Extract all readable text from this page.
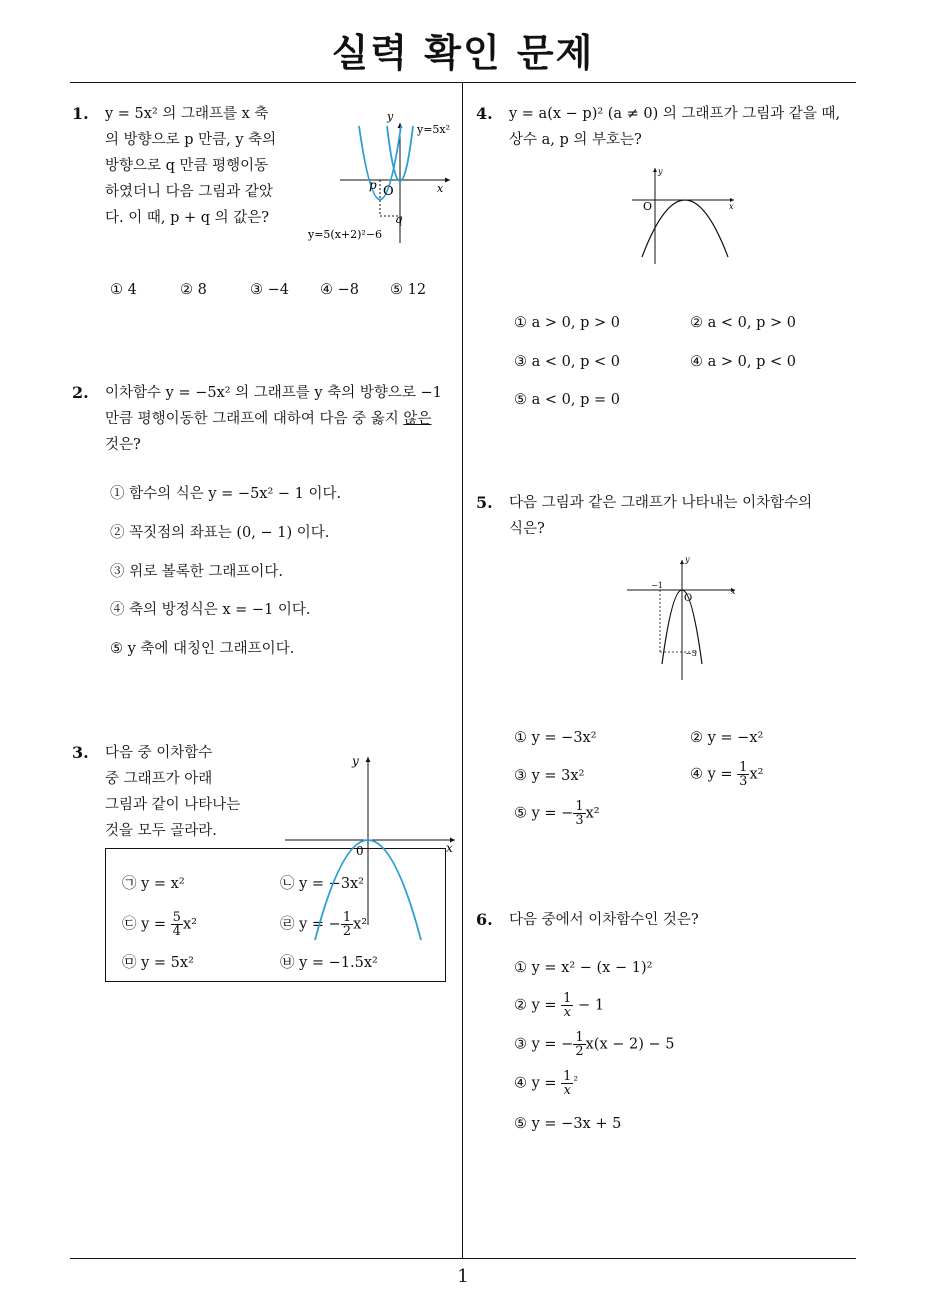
실력 확인 문제
1
1. y = 5x² 의 그래프를 x 축
의 방향으로 p 만큼, y 축의
방향으로 q 만큼 평행이동
하였더니 다음 그림과 같았
다. 이 때, p + q 의 값은?
y
x
y=5x²
y=5(x+2)²−6
p
q
O
① 4	② 8	③ −4 ④ −8 ⑤ 12
2. 이차함수 y = −5x² 의 그래프를 y 축의 방향으로 −1
만큼 평행이동한 그래프에 대하여 다음 중 옳지 않은
것은?
① 함수의 식은 y = −5x² − 1 이다.
② 꼭짓점의 좌표는 (0, − 1) 이다.
③ 위로 볼록한 그래프이다.
④ 축의 방정식은 x = −1 이다.
⑤ y 축에 대칭인 그래프이다.
3. 다음 중 이차함수
중 그래프가 아래
그림과 같이 나타나는
것을 모두 골라라.
㉠ y = x²	㉡ y = −3x²
㉢ $y = \frac{5}{4} x^2$	㉣ y = − $\frac{1}{2} x^2$
㉤ y = 5x²	㉥ y = −1.5x²
y
x
0
4. y = a(x − p)² (a ≠ 0) 의 그래프가 그림과 같을 때,
상수 a, p 의 부호는?
y
x
O
① a > 0, p > 0	② a < 0, p > 0
③ a < 0, p < 0	④ a > 0, p < 0
⑤ a < 0, p = 0
5. 다음 그림과 같은 그래프가 나타내는 이차함수의
식은?
y
x
O
−1
−3
① y = −3x²	② y = −x²
③ y = 3x²	④ $y = \frac{1}{3} x^2$
⑤ y = − $\frac{1}{3} x^2$
6. 다음 중에서 이차함수인 것은?
① y = x² − (x − 1)²
② $y = \frac{1}{x} - 1$
③ y = − $\frac{1}{2} x(x - 2) - 5$
④ $y = \frac{1}{x} ^{^2}$
⑤ y = −3x + 5
